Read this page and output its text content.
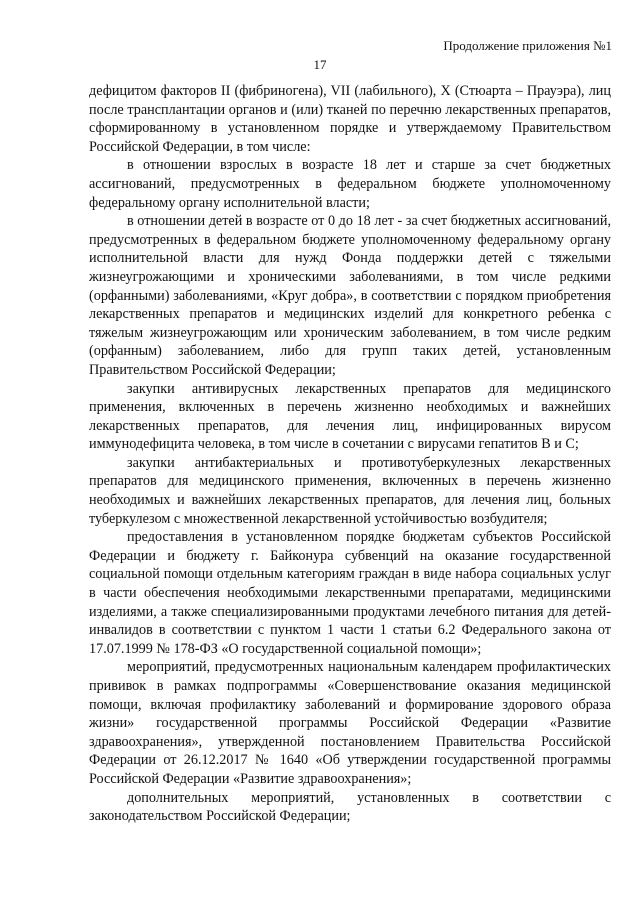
Продолжение приложения №1
17

дефицитом факторов II (фибриногена), VII (лабильного), X (Стюарта – Прауэра), лиц после трансплантации органов и (или) тканей по перечню лекарственных препаратов, сформированному в установленном порядке и утверждаемому Правительством Российской Федерации, в том числе:

в отношении взрослых в возрасте 18 лет и старше за счет бюджетных ассигнований, предусмотренных в федеральном бюджете уполномоченному федеральному органу исполнительной власти;

в отношении детей в возрасте от 0 до 18 лет - за счет бюджетных ассигнований, предусмотренных в федеральном бюджете уполномоченному федеральному органу исполнительной власти для нужд Фонда поддержки детей с тяжелыми жизнеугрожающими и хроническими заболеваниями, в том числе редкими (орфанными) заболеваниями, «Круг добра», в соответствии с порядком приобретения лекарственных препаратов и медицинских изделий для конкретного ребенка с тяжелым жизнеугрожающим или хроническим заболеванием, в том числе редким (орфанным) заболеванием, либо для групп таких детей, установленным Правительством Российской Федерации;

закупки антивирусных лекарственных препаратов для медицинского применения, включенных в перечень жизненно необходимых и важнейших лекарственных препаратов, для лечения лиц, инфицированных вирусом иммунодефицита человека, в том числе в сочетании с вирусами гепатитов B и C;

закупки антибактериальных и противотуберкулезных лекарственных препаратов для медицинского применения, включенных в перечень жизненно необходимых и важнейших лекарственных препаратов, для лечения лиц, больных туберкулезом с множественной лекарственной устойчивостью возбудителя;

предоставления в установленном порядке бюджетам субъектов Российской Федерации и бюджету г. Байконура субвенций на оказание государственной социальной помощи отдельным категориям граждан в виде набора социальных услуг в части обеспечения необходимыми лекарственными препаратами, медицинскими изделиями, а также специализированными продуктами лечебного питания для детей-инвалидов в соответствии с пунктом 1 части 1 статьи 6.2 Федерального закона от 17.07.1999 № 178-ФЗ «О государственной социальной помощи»;

мероприятий, предусмотренных национальным календарем профилактических прививок в рамках подпрограммы «Совершенствование оказания медицинской помощи, включая профилактику заболеваний и формирование здорового образа жизни» государственной программы Российской Федерации «Развитие здравоохранения», утвержденной постановлением Правительства Российской Федерации от 26.12.2017 № 1640 «Об утверждении государственной программы Российской Федерации «Развитие здравоохранения»;

дополнительных мероприятий, установленных в соответствии с законодательством Российской Федерации;
